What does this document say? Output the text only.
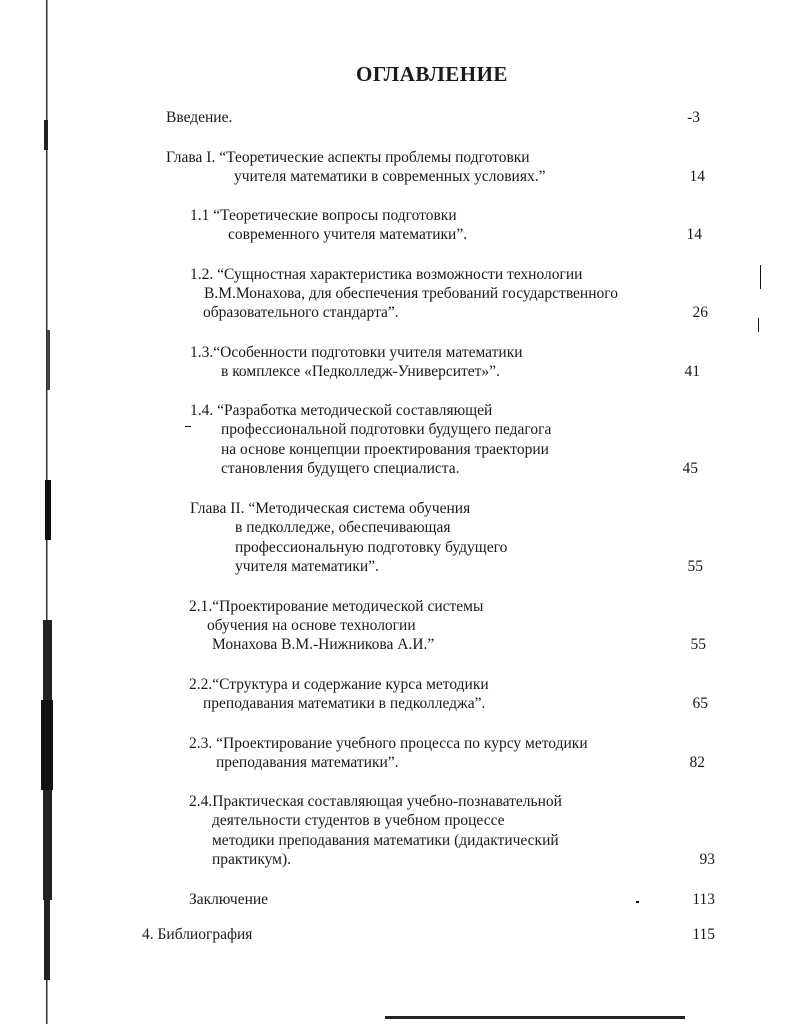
ОГЛАВЛЕНИЕ
Введение.	-3
Глава I. “Теоретические аспекты проблемы подготовки
учителя математики в современных условиях.”	14
1.1 “Теоретические вопросы подготовки
современного учителя математики”.	14
1.2. “Сущностная характеристика возможности технологии
В.М.Монахова, для обеспечения требований государственного
образовательного стандарта”.	26
1.3.“Особенности подготовки учителя математики
в комплексе «Педколледж-Университет»”.	41
1.4. “Разработка методической составляющей
профессиональной подготовки будущего педагога
на основе концепции проектирования траектории
становления будущего специалиста.	45
Глава II. “Методическая система обучения
в педколледже, обеспечивающая
профессиональную подготовку будущего
учителя математики”.	55
2.1.“Проектирование методической системы
обучения на основе технологии
Монахова В.М.-Нижникова А.И.”	55
2.2.“Структура и содержание курса методики
преподавания математики в педколледжа”.	65
2.3. “Проектирование учебного процесса по курсу методики
преподавания математики”.	82
2.4.Практическая составляющая учебно-познавательной
деятельности студентов в учебном процессе
методики преподавания математики (дидактический
практикум).	93
Заключение	113
4. Библиография	115
